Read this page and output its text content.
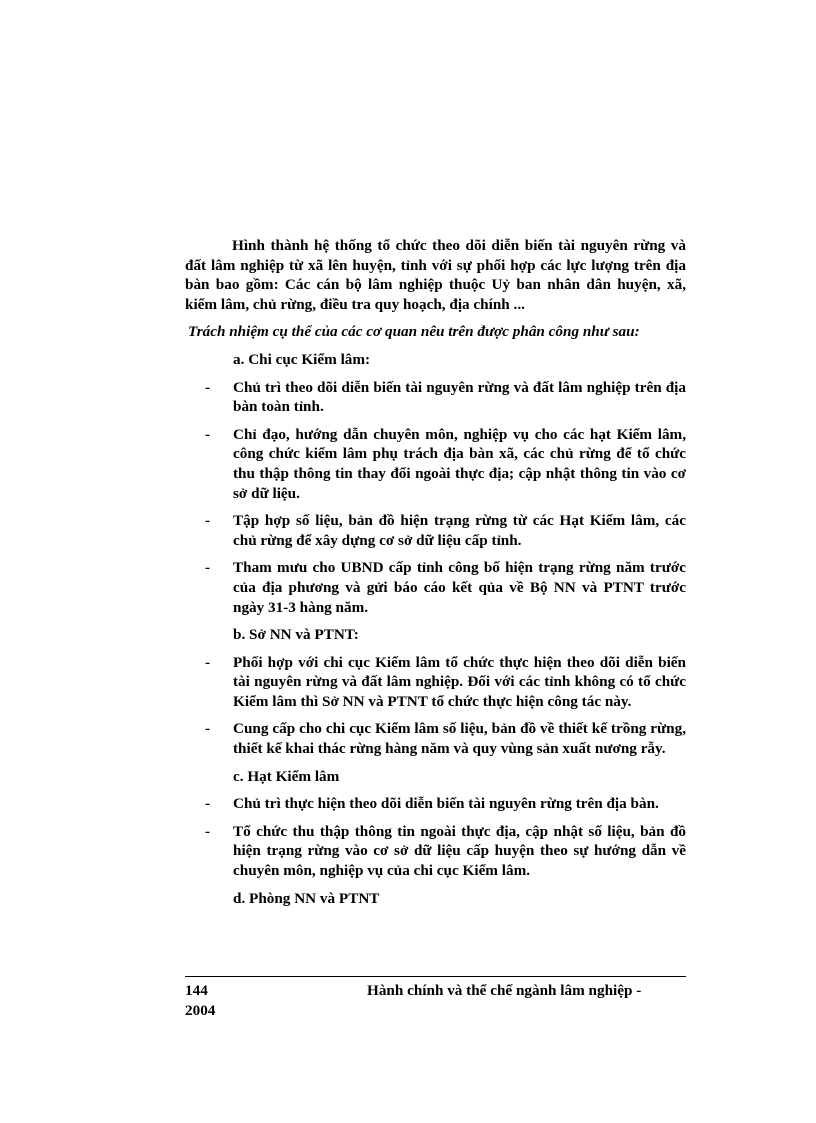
Hình thành hệ thống tổ chức theo dõi diễn biến tài nguyên rừng và đất lâm nghiệp từ xã lên huyện, tỉnh với sự phối hợp các lực lượng trên địa bàn bao gồm: Các cán bộ lâm nghiệp thuộc Uỷ ban nhân dân huyện, xã, kiểm lâm, chủ rừng, điều tra quy hoạch, địa chính ...

Trách nhiệm cụ thể của các cơ quan nêu trên được phân công như sau:

a. Chi cục Kiểm lâm:

- Chủ trì theo dõi diễn biến tài nguyên rừng và đất lâm nghiệp trên địa bàn toàn tỉnh.
- Chỉ đạo, hướng dẫn chuyên môn, nghiệp vụ cho các hạt Kiểm lâm, công chức kiểm lâm phụ trách địa bàn xã, các chủ rừng để tổ chức thu thập thông tin thay đổi ngoài thực địa; cập nhật thông tin vào cơ sở dữ liệu.
- Tập hợp số liệu, bản đồ hiện trạng rừng từ các Hạt Kiểm lâm, các chủ rừng để xây dựng cơ sở dữ liệu cấp tỉnh.
- Tham mưu cho UBND cấp tỉnh công bố hiện trạng rừng năm trước của địa phương và gửi báo cáo kết qủa về Bộ NN và PTNT trước ngày 31-3 hàng năm.

b. Sở NN và PTNT:

- Phối hợp với chi cục Kiểm lâm tổ chức thực hiện theo dõi diễn biến tài nguyên rừng và đất lâm nghiệp. Đối với các tỉnh không có tổ chức Kiểm lâm thì Sở NN và PTNT tổ chức thực hiện công tác này.
- Cung cấp cho chi cục Kiểm lâm số liệu, bản đồ về thiết kế trồng rừng, thiết kế khai thác rừng hàng năm và quy vùng sản xuất nương rẫy.

c. Hạt Kiểm lâm

- Chủ trì thực hiện theo dõi diễn biến tài nguyên rừng trên địa bàn.
- Tổ chức thu thập thông tin ngoài thực địa, cập nhật số liệu, bản đồ hiện trạng rừng vào cơ sở dữ liệu cấp huyện theo sự hướng dẫn về chuyên môn, nghiệp vụ của chi cục Kiểm lâm.

d. Phòng NN và PTNT

144	Hành chính và thể chế ngành lâm nghiệp -
2004
